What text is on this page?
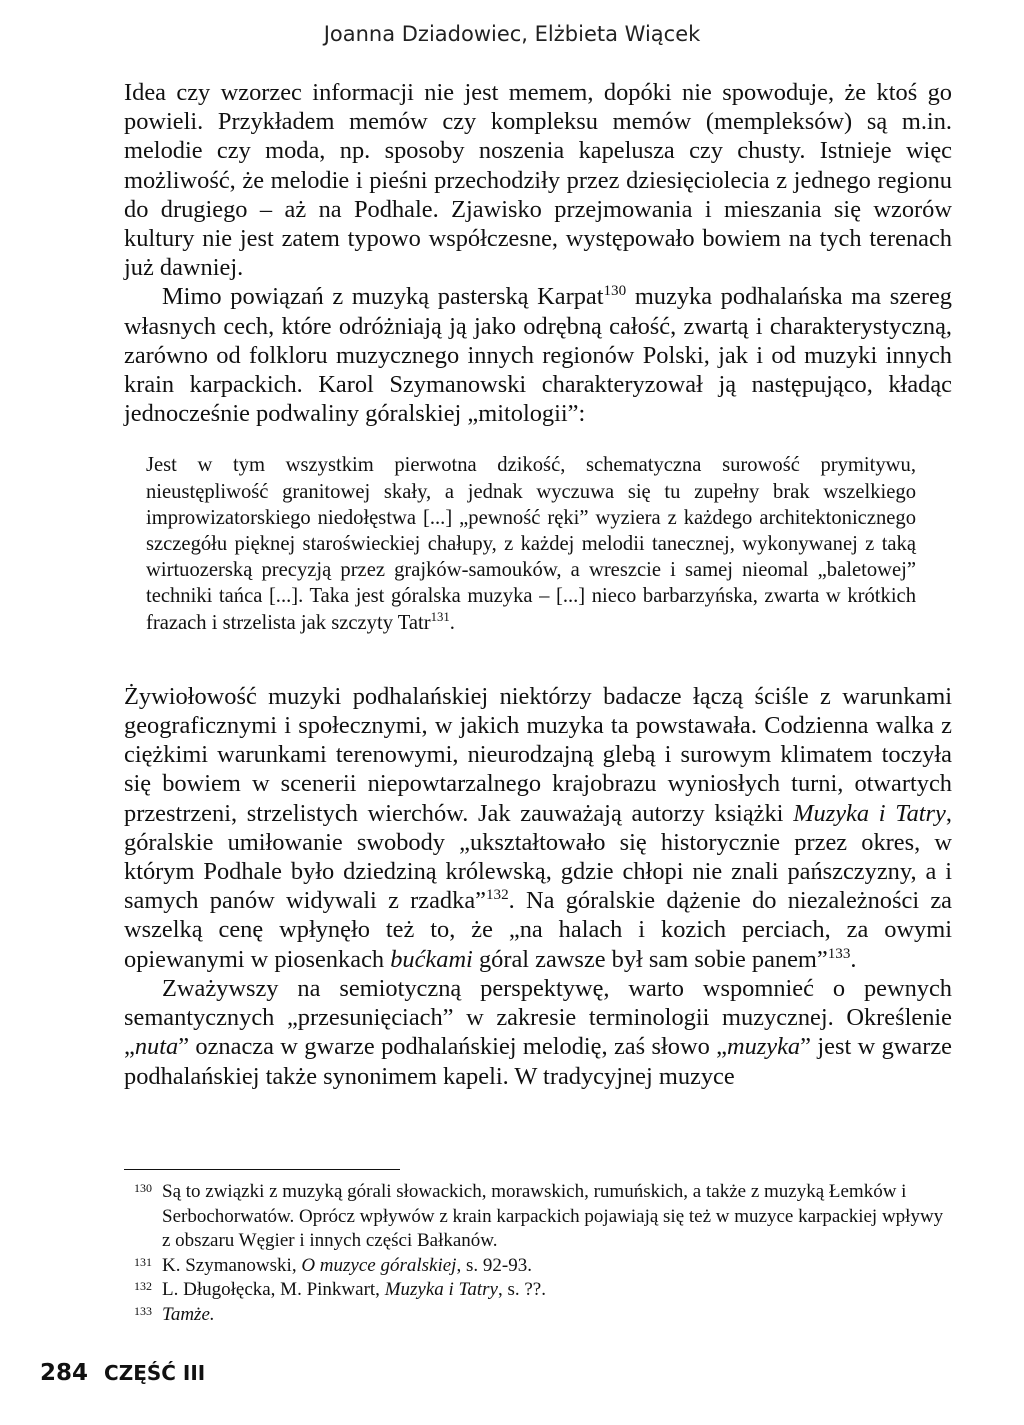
Joanna Dziadowiec, Elżbieta Wiącek

Idea czy wzorzec informacji nie jest memem, dopóki nie spowoduje, że ktoś go powieli. Przykładem memów czy kompleksu memów (mempleksów) są m.in. melodie czy moda, np. sposoby noszenia kapelusza czy chusty. Istnieje więc możliwość, że melodie i pieśni przechodziły przez dziesięciolecia z jednego regionu do drugiego – aż na Podhale. Zjawisko przejmowania i mieszania się wzorów kultury nie jest zatem typowo współczesne, występowało bowiem na tych terenach już dawniej.

Mimo powiązań z muzyką pasterską Karpat$^{130}$ muzyka podhalańska ma szereg własnych cech, które odróżniają ją jako odrębną całość, zwartą i charakterystyczną, zarówno od folkloru muzycznego innych regionów Polski, jak i od muzyki innych krain karpackich. Karol Szymanowski charakteryzował ją następująco, kładąc jednocześnie podwaliny góralskiej „mitologii”:

Jest w tym wszystkim pierwotna dzikość, schematyczna surowość prymitywu, nieustępliwość granitowej skały, a jednak wyczuwa się tu zupełny brak wszelkiego improwizatorskiego niedołęstwa [...] „pewność ręki” wyziera z każdego architektonicznego szczegółu pięknej staroświeckiej chałupy, z każdej melodii tanecznej, wykonywanej z taką wirtuozerską precyzją przez grajków-samouków, a wreszcie i samej nieomal „baletowej” techniki tańca [...]. Taka jest góralska muzyka – [...] nieco barbarzyńska, zwarta w krótkich frazach i strzelista jak szczyty Tatr$^{131}$.

Żywiołowość muzyki podhalańskiej niektórzy badacze łączą ściśle z warunkami geograficznymi i społecznymi, w jakich muzyka ta powstawała. Codzienna walka z ciężkimi warunkami terenowymi, nieurodzajną glebą i surowym klimatem toczyła się bowiem w scenerii niepowtarzalnego krajobrazu wyniosłych turni, otwartych przestrzeni, strzelistych wierchów. Jak zauważają autorzy książki Muzyka i Tatry, góralskie umiłowanie swobody „ukształtowało się historycznie przez okres, w którym Podhale było dziedziną królewską, gdzie chłopi nie znali pańszczyzny, a i samych panów widywali z rzadka”$^{132}$. Na góralskie dążenie do niezależności za wszelką cenę wpłynęło też to, że „na halach i kozich perciach, za owymi opiewanymi w piosenkach bućkami góral zawsze był sam sobie panem”$^{133}$.

Zważywszy na semiotyczną perspektywę, warto wspomnieć o pewnych semantycznych „przesunięciach” w zakresie terminologii muzycznej. Określenie „nuta” oznacza w gwarze podhalańskiej melodię, zaś słowo „muzyka” jest w gwarze podhalańskiej także synonimem kapeli. W tradycyjnej muzyce

130 Są to związki z muzyką górali słowackich, morawskich, rumuńskich, a także z muzyką Łemków i Serbochorwatów. Oprócz wpływów z krain karpackich pojawiają się też w muzyce karpackiej wpływy z obszaru Węgier i innych części Bałkanów.
131 K. Szymanowski, O muzyce góralskiej, s. 92-93.
132 L. Długołęcka, M. Pinkwart, Muzyka i Tatry, s. ??.
133 Tamże.
284 CZĘŚĆ III
